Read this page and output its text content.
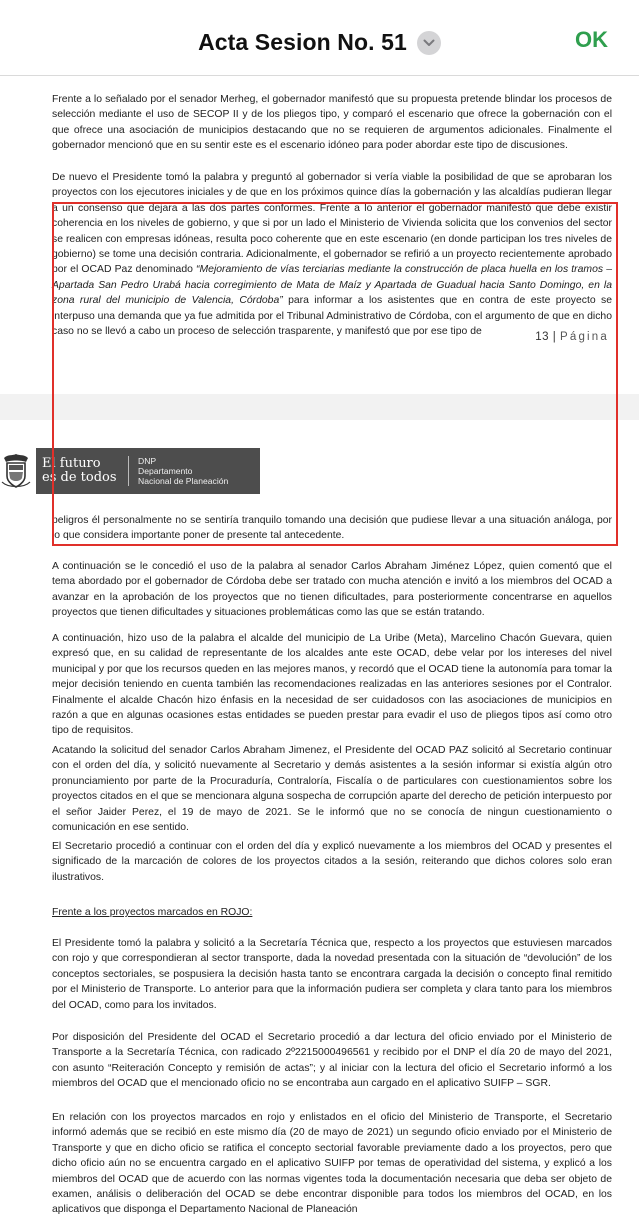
Acta Sesion No. 51	OK

Frente a lo señalado por el senador Merheg, el gobernador manifestó que su propuesta pretende blindar los procesos de selección mediante el uso de SECOP II y de los pliegos tipo, y comparó el escenario que ofrece la gobernación con el que ofrece una asociación de municipios destacando que no se requieren de argumentos adicionales. Finalmente el gobernador mencionó que en su sentir este es el escenario idóneo para poder abordar este tipo de discusiones.

De nuevo el Presidente tomó la palabra y preguntó al gobernador si vería viable la posibilidad de que se aprobaran los proyectos con los ejecutores iniciales y de que en los próximos quince días la gobernación y las alcaldías pudieran llegar a un consenso que dejara a las dos partes conformes. Frente a lo anterior el gobernador manifestó que debe existir coherencia en los niveles de gobierno, y que si por un lado el Ministerio de Vivienda solicita que los convenios del sector se realicen con empresas idóneas, resulta poco coherente que en este escenario (en donde participan los tres niveles de gobierno) se tome una decisión contraria. Adicionalmente, el gobernador se refirió a un proyecto recientemente aprobado por el OCAD Paz denominado “Mejoramiento de vías terciarias mediante la construcción de placa huella en los tramos – Apartada San Pedro Urabá hacia corregimiento de Mata de Maíz y Apartada de Guadual hacia Santo Domingo, en la zona rural del municipio de Valencia, Córdoba” para informar a los asistentes que en contra de este proyecto se interpuso una demanda que ya fue admitida por el Tribunal Administrativo de Córdoba, con el argumento de que en dicho caso no se llevó a cabo un proceso de selección trasparente, y manifestó que por ese tipo de	13 | Página
El futuro
es de todos
DNP
Departamento
Nacional de Planeación

peligros él personalmente no se sentiría tranquilo tomando una decisión que pudiese llevar a una situación análoga, por lo que considera importante poner de presente tal antecedente.

A continuación se le concedió el uso de la palabra al senador Carlos Abraham Jiménez López, quien comentó que el tema abordado por el gobernador de Córdoba debe ser tratado con mucha atención e invitó a los miembros del OCAD a avanzar en la aprobación de los proyectos que no tienen dificultades, para posteriormente concentrarse en aquellos proyectos que tienen dificultades y situaciones problemáticas como las que se están tratando.

A continuación, hizo uso de la palabra el alcalde del municipio de La Uribe (Meta), Marcelino Chacón Guevara, quien expresó que, en su calidad de representante de los alcaldes ante este OCAD, debe velar por los intereses del nivel municipal y por que los recursos queden en las mejores manos, y recordó que el OCAD tiene la autonomía para tomar la mejor decisión teniendo en cuenta también las recomendaciones realizadas en las anteriores sesiones por el Contralor. Finalmente el alcalde Chacón hizo énfasis en la necesidad de ser cuidadosos con las asociaciones de municipios en razón a que en algunas ocasiones estas entidades se pueden prestar para evadir el uso de pliegos tipos así como otro tipo de requisitos.

Acatando la solicitud del senador Carlos Abraham Jimenez, el Presidente del OCAD PAZ solicitó al Secretario continuar con el orden del día, y solicitó nuevamente al Secretario y demás asistentes a la sesión informar si existía algún otro pronunciamiento por parte de la Procuraduría, Contraloría, Fiscalía o de particulares con cuestionamientos sobre los proyectos citados en el que se mencionara alguna sospecha de corrupción aparte del derecho de petición interpuesto por el señor Jaider Perez, el 19 de mayo de 2021. Se le informó que no se conocía de ningun cuestionamiento o comunicación en ese sentido.

El Secretario procedió a continuar con el orden del día y explicó nuevamente a los miembros del OCAD y presentes el significado de la marcación de colores de los proyectos citados a la sesión, reiterando que dichos colores solo eran ilustrativos.

Frente a los proyectos marcados en ROJO:

El Presidente tomó la palabra y solicitó a la Secretaría Técnica que, respecto a los proyectos que estuviesen marcados con rojo y que correspondieran al sector transporte, dada la novedad presentada con la situación de “devolución” de los conceptos sectoriales, se pospusiera la decisión hasta tanto se encontrara cargada la decisión o concepto final remitido por el Ministerio de Transporte. Lo anterior para que la información pudiera ser completa y clara tanto para los miembros del OCAD, como para los invitados.

Por disposición del Presidente del OCAD el Secretario procedió a dar lectura del oficio enviado por el Ministerio de Transporte a la Secretaría Técnica, con radicado 2º2215000496561 y recibido por el DNP el día 20 de mayo del 2021, con asunto “Reiteración Concepto y remisión de actas”; y al iniciar con la lectura del oficio el Secretario informó a los miembros del OCAD que el mencionado oficio no se encontraba aun cargado en el aplicativo SUIFP – SGR.

En relación con los proyectos marcados en rojo y enlistados en el oficio del Ministerio de Transporte, el Secretario informó además que se recibió en este mismo día (20 de mayo de 2021) un segundo oficio enviado por el Ministerio de Transporte y que en dicho oficio se ratifica el concepto sectorial favorable previamente dado a los proyectos, pero que dicho oficio aún no se encuentra cargado en el aplicativo SUIFP por temas de operatividad del sistema, y explicó a los miembros del OCAD que de acuerdo con las normas vigentes toda la documentación necesaria que deba ser objeto de examen, análisis o deliberación del OCAD se debe encontrar disponible para todos los miembros del OCAD, en los aplicativos que disponga el Departamento Nacional de Planeación
